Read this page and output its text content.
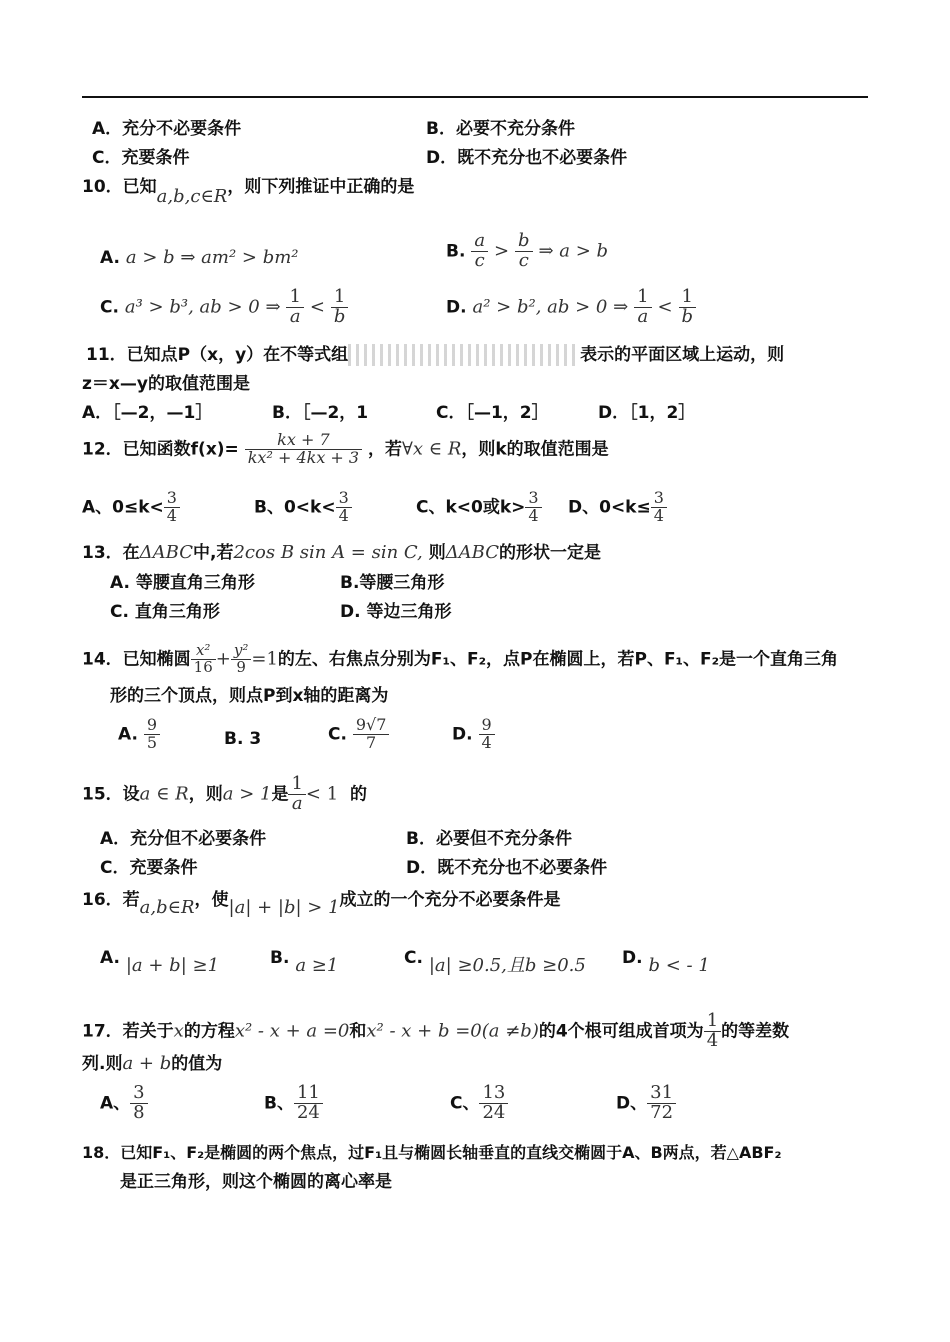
A．充分不必要条件	B．必要不充分条件
C．充要条件	D．既不充分也不必要条件
10．已知a,b,c∈R，则下列推证中正确的是
A. a > b ⇒ am² > bm²	B. $\frac{a}{c} > \frac{b}{c}$ ⇒ a > b
C. a³ > b³, ab > 0 ⇒ $\frac{1}{a} < \frac{1}{b}$	D. a² > b², ab > 0 ⇒ $\frac{1}{a} < \frac{1}{b}$
11．已知点P（x，y）在不等式组	表示的平面区域上运动，则
z＝x—y的取值范围是
A．［—2，—1］	B．［—2，1	C．［—1，2］	D．［1，2］
12．已知函数$f(x)= \frac{kx + 7}{\text{kx² + 4kx + 3}}$ ，若∀x ∈ R，则k的取值范围是
A、$0\le k< \frac{3}{4}$	B、$0<k< \frac{3}{4}$	C、k<0或$k> \frac{3}{4}$ D、$0<k\le \frac{3}{4}$
13．在ΔABC中,若2cos B sin A = sin C, 则ΔABC的形状一定是
A. 等腰直角三角形	B.等腰三角形
C. 直角三角形	D. 等边三角形
14．已知椭圆 $\frac{\text{x²}}{16} + \frac{\text{y²}}{9} =1$的左、右焦点分别为F₁、F₂，点P在椭圆上，若P、F₁、F₂是一个直角三角
形的三个顶点，则点P到x轴的距离为
A. $\frac{9}{5}$	B. 3	C. $\frac{9√7}{7}$	D. $\frac{9}{4}$
15．设a ∈ R，则a > 1是 $\frac{1}{a} < 1$ 的
A．充分但不必要条件	B．必要但不充分条件
C．充要条件	D．既不充分也不必要条件
16．若a,b∈R，使|a| + |b| > 1成立的一个充分不必要条件是
A. |a + b| ≥1	B. a ≥1	C. |a| ≥0.5,且b ≥0.5 D. b < - 1
17．若关于x的方程x² - x + a =0和x² - x + b =0(a ≠b)的4个根可组成首项为 $\frac{1}{4}$ 的等差数
列.则a + b的值为
A、 $\frac{3}{8}$	B、 $\frac{11}{24}$	C、 $\frac{13}{24}$	D、 $\frac{31}{72}$
18．已知F₁、F₂是椭圆的两个焦点，过F₁且与椭圆长轴垂直的直线交椭圆于A、B两点，若△ABF₂
是正三角形，则这个椭圆的离心率是
